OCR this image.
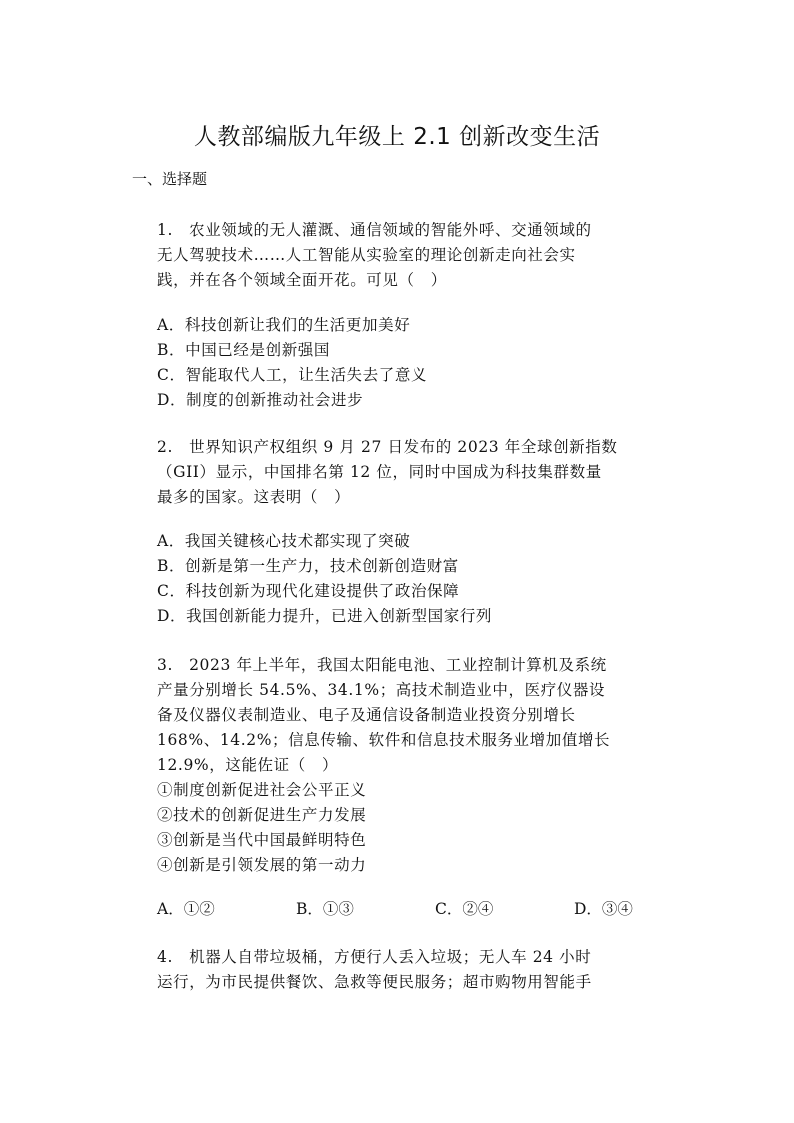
人教部编版九年级上 2.1 创新改变生活
一、选择题
1.　农业领域的无人灌溉、通信领域的智能外呼、交通领域的
无人驾驶技术……人工智能从实验室的理论创新走向社会实
践，并在各个领域全面开花。可见（　）
A．科技创新让我们的生活更加美好
B．中国已经是创新强国
C．智能取代人工，让生活失去了意义
D．制度的创新推动社会进步
2.　世界知识产权组织 9 月 27 日发布的 2023 年全球创新指数
（GII）显示，中国排名第 12 位，同时中国成为科技集群数量
最多的国家。这表明（　）
A．我国关键核心技术都实现了突破
B．创新是第一生产力，技术创新创造财富
C．科技创新为现代化建设提供了政治保障
D．我国创新能力提升，已进入创新型国家行列
3.　2023 年上半年，我国太阳能电池、工业控制计算机及系统
产量分别增长 54.5%、34.1%；高技术制造业中，医疗仪器设
备及仪器仪表制造业、电子及通信设备制造业投资分别增长
168%、14.2%；信息传输、软件和信息技术服务业增加值增长
12.9%，这能佐证（　）
①制度创新促进社会公平正义
②技术的创新促进生产力发展
③创新是当代中国最鲜明特色
④创新是引领发展的第一动力
A．①②	B．①③	C．②④	D．③④
4.　机器人自带垃圾桶，方便行人丢入垃圾；无人车 24 小时
运行，为市民提供餐饮、急救等便民服务；超市购物用智能手
